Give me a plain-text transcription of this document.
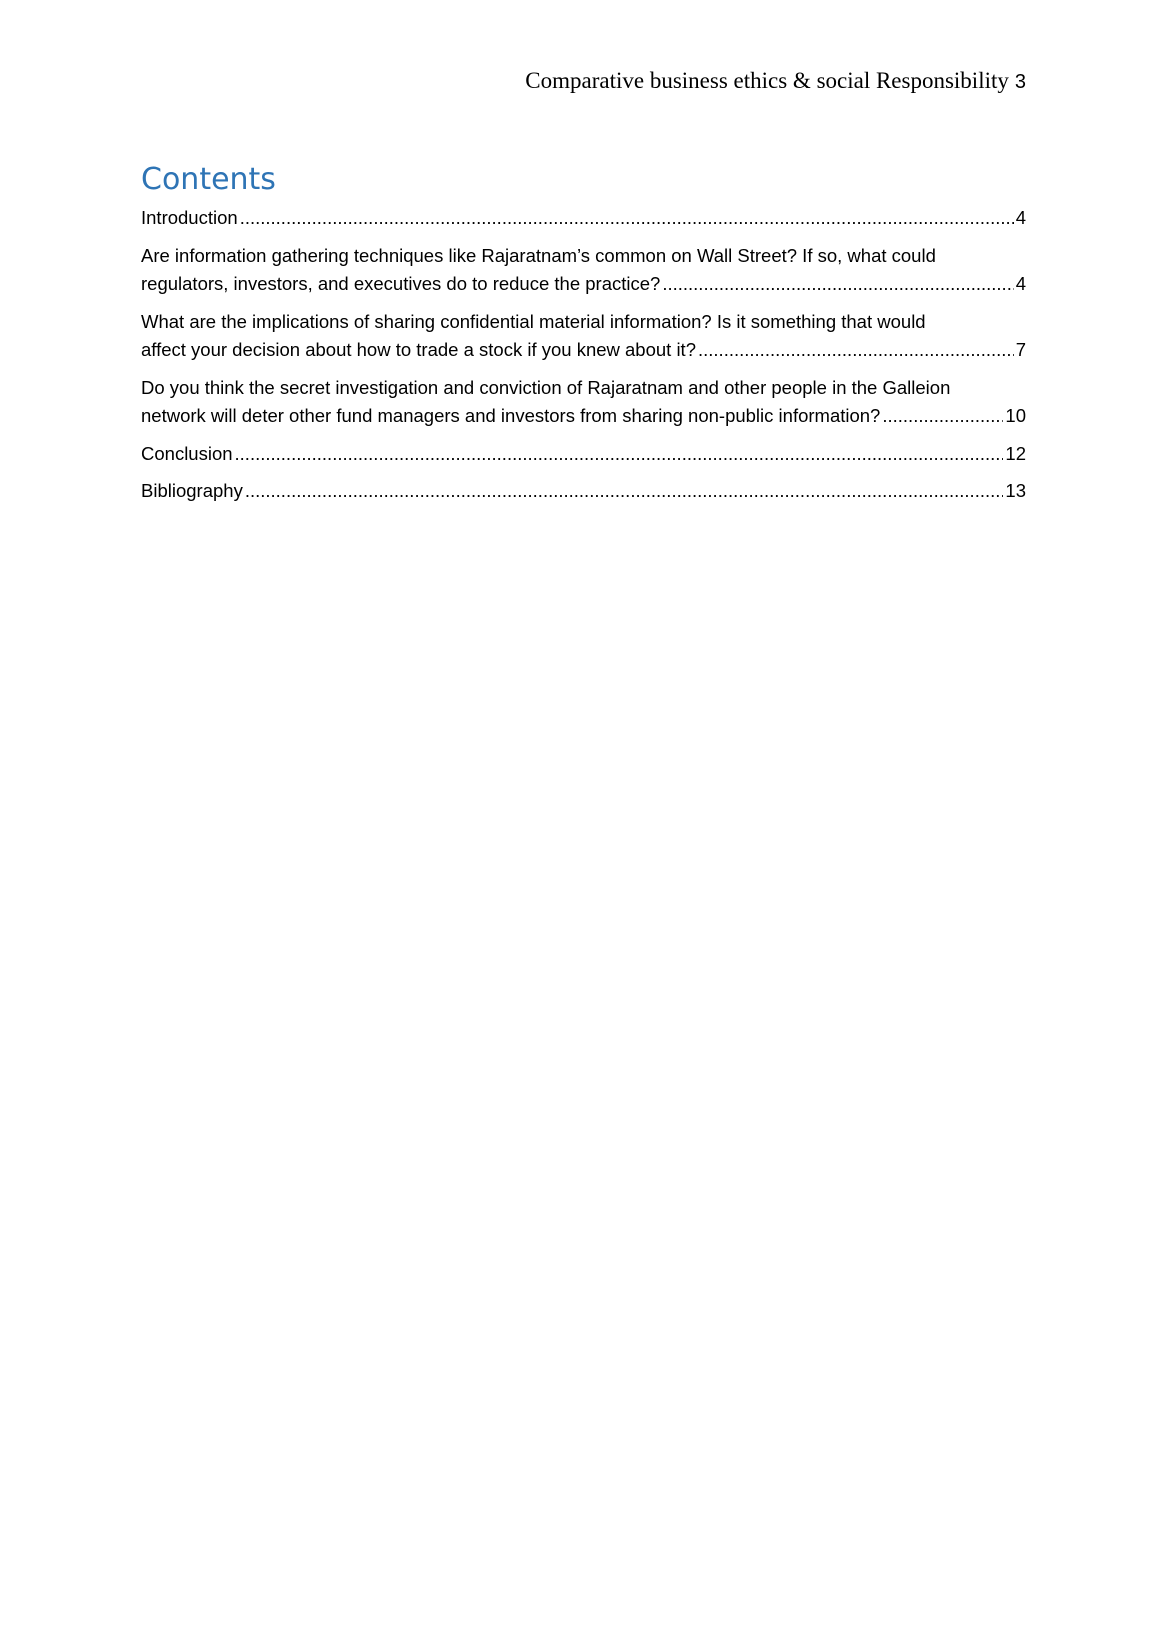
Comparative business ethics & social Responsibility 3
Contents
Introduction .....	4
Are information gathering techniques like Rajaratnam’s common on Wall Street? If so, what could
regulators, investors, and executives do to reduce the practice? .....	4
What are the implications of sharing confidential material information? Is it something that would
affect your decision about how to trade a stock if you knew about it? .....	7
Do you think the secret investigation and conviction of Rajaratnam and other people in the Galleion
network will deter other fund managers and investors from sharing non-public information? .....	10
Conclusion .....	12
Bibliography .....	13
